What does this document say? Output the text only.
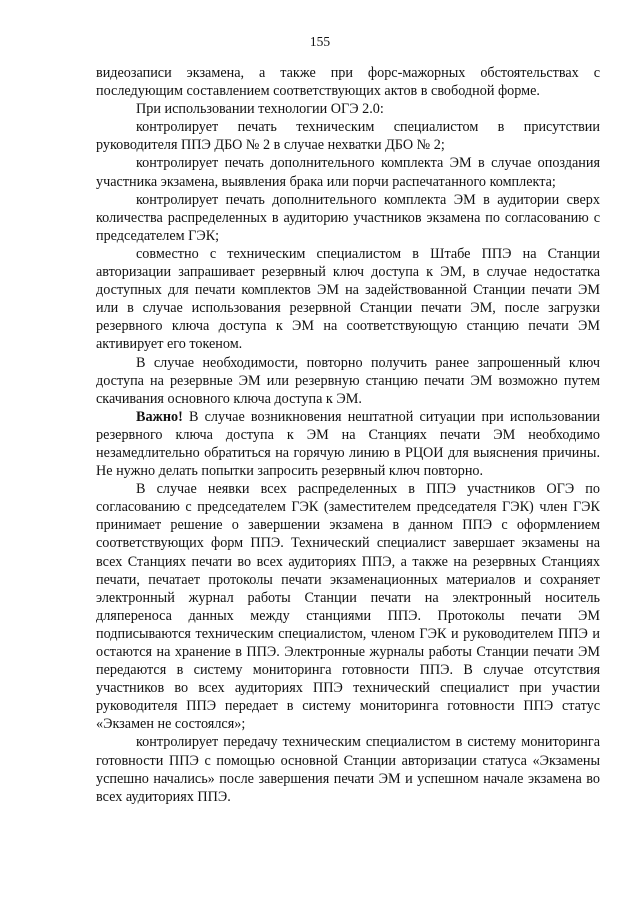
155

видеозаписи экзамена, а также при форс-мажорных обстоятельствах с последующим составлением соответствующих актов в свободной форме.

При использовании технологии ОГЭ 2.0:

контролирует печать техническим специалистом в присутствии руководителя ППЭ ДБО № 2 в случае нехватки ДБО № 2;

контролирует печать дополнительного комплекта ЭМ в случае опоздания участника экзамена, выявления брака или порчи распечатанного комплекта;

контролирует печать дополнительного комплекта ЭМ в аудитории сверх количества распределенных в аудиторию участников экзамена по согласованию с председателем ГЭК;

совместно с техническим специалистом в Штабе ППЭ на Станции авторизации запрашивает резервный ключ доступа к ЭМ, в случае недостатка доступных для печати комплектов ЭМ на задействованной Станции печати ЭМ или в случае использования резервной Станции печати ЭМ, после загрузки резервного ключа доступа к ЭМ на соответствующую станцию печати ЭМ активирует его токеном.

В случае необходимости, повторно получить ранее запрошенный ключ доступа на резервные ЭМ или резервную станцию печати ЭМ возможно путем скачивания основного ключа доступа к ЭМ.

Важно! В случае возникновения нештатной ситуации при использовании резервного ключа доступа к ЭМ на Станциях печати ЭМ необходимо незамедлительно обратиться на горячую линию в РЦОИ для выяснения причины. Не нужно делать попытки запросить резервный ключ повторно.

В случае неявки всех распределенных в ППЭ участников ОГЭ по согласованию с председателем ГЭК (заместителем председателя ГЭК) член ГЭК принимает решение о завершении экзамена в данном ППЭ с оформлением соответствующих форм ППЭ. Технический специалист завершает экзамены на всех Станциях печати во всех аудиториях ППЭ, а также на резервных Станциях печати, печатает протоколы печати экзаменационных материалов и сохраняет электронный журнал работы Станции печати на электронный носитель дляпереноса данных между станциями ППЭ. Протоколы печати ЭМ подписываются техническим специалистом, членом ГЭК и руководителем ППЭ и остаются на хранение в ППЭ. Электронные журналы работы Станции печати ЭМ передаются в систему мониторинга готовности ППЭ. В случае отсутствия участников во всех аудиториях ППЭ технический специалист при участии руководителя ППЭ передает в систему мониторинга готовности ППЭ статус «Экзамен не состоялся»;

контролирует передачу техническим специалистом в систему мониторинга готовности ППЭ с помощью основной Станции авторизации статуса «Экзамены успешно начались» после завершения печати ЭМ и успешном начале экзамена во всех аудиториях ППЭ.
